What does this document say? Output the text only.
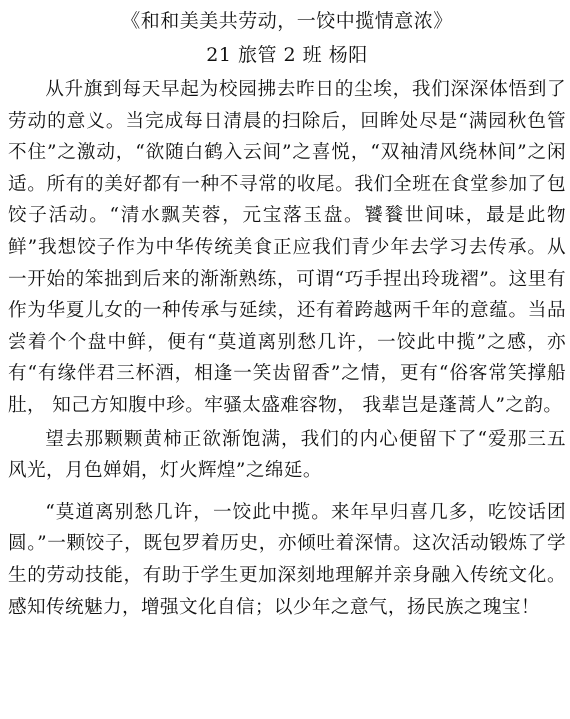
《和和美美共劳动，一饺中揽情意浓》
21 旅管 2 班 杨阳

从升旗到每天早起为校园拂去昨日的尘埃，我们深深体悟到了劳动的意义。当完成每日清晨的扫除后，回眸处尽是“满园秋色管不住”之激动，“欲随白鹤入云间”之喜悦，“双袖清风绕林间”之闲适。所有的美好都有一种不寻常的收尾。我们全班在食堂参加了包饺子活动。“清水飘芙蓉，元宝落玉盘。饕餮世间味，最是此物鲜”我想饺子作为中华传统美食正应我们青少年去学习去传承。从一开始的笨拙到后来的渐渐熟练，可谓“巧手捏出玲珑褶”。这里有作为华夏儿女的一种传承与延续，还有着跨越两千年的意蕴。当品尝着个个盘中鲜，便有“莫道离别愁几许，一饺此中揽”之感，亦有“有缘伴君三杯酒，相逢一笑齿留香”之情，更有“俗客常笑撑船肚， 知己方知腹中珍。牢骚太盛难容物， 我辈岂是蓬蒿人”之韵。

望去那颗颗黄柿正欲渐饱满，我们的内心便留下了“爱那三五风光，月色婵娟，灯火辉煌”之绵延。

“莫道离别愁几许，一饺此中揽。来年早归喜几多，吃饺话团圆。”一颗饺子，既包罗着历史，亦倾吐着深情。这次活动锻炼了学生的劳动技能，有助于学生更加深刻地理解并亲身融入传统文化。感知传统魅力，增强文化自信；以少年之意气，扬民族之瑰宝！
